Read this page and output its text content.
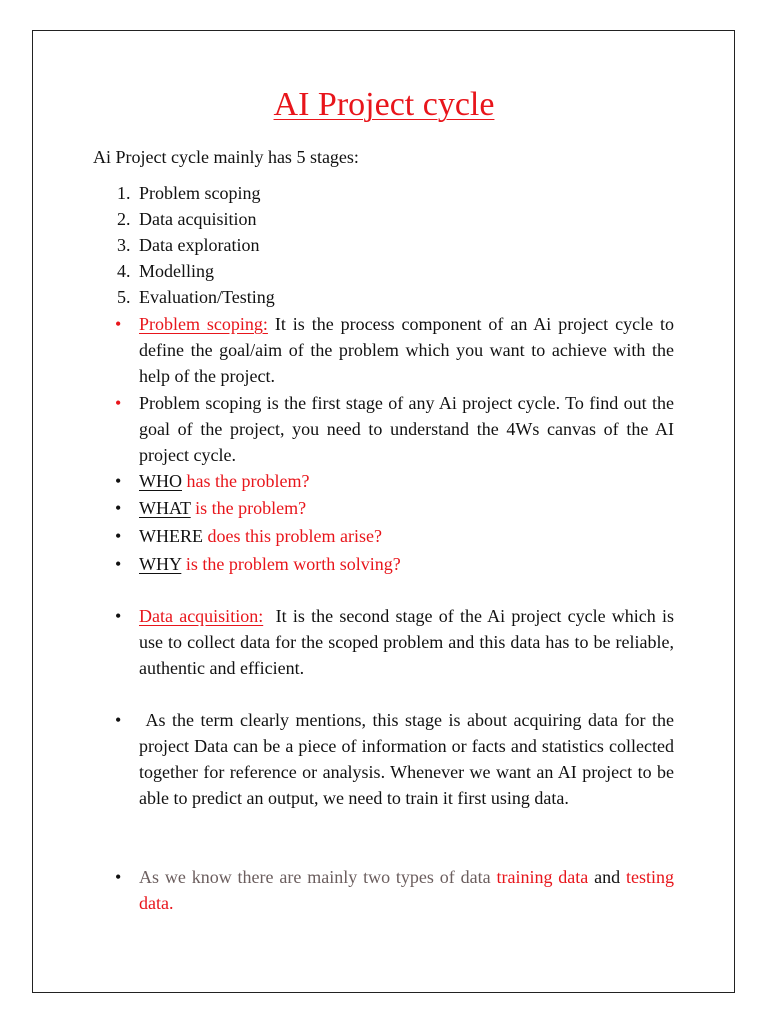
AI Project cycle
Ai Project cycle mainly has 5 stages:
1. Problem scoping
2. Data acquisition
3. Data exploration
4. Modelling
5. Evaluation/Testing
• Problem scoping: It is the process component of an Ai project cycle to define the goal/aim of the problem which you want to achieve with the help of the project.
• Problem scoping is the first stage of any Ai project cycle. To find out the goal of the project, you need to understand the 4Ws canvas of the AI project cycle.
• WHO has the problem?
• WHAT is the problem?
• WHERE does this problem arise?
• WHY is the problem worth solving?
• Data acquisition:  It is the second stage of the Ai project cycle which is use to collect data for the scoped problem and this data has to be reliable, authentic and efficient.
• As the term clearly mentions, this stage is about acquiring data for the project Data can be a piece of information or facts and statistics collected together for reference or analysis. Whenever we want an AI project to be able to predict an output, we need to train it first using data.
• As we know there are mainly two types of data training data and testing data.
